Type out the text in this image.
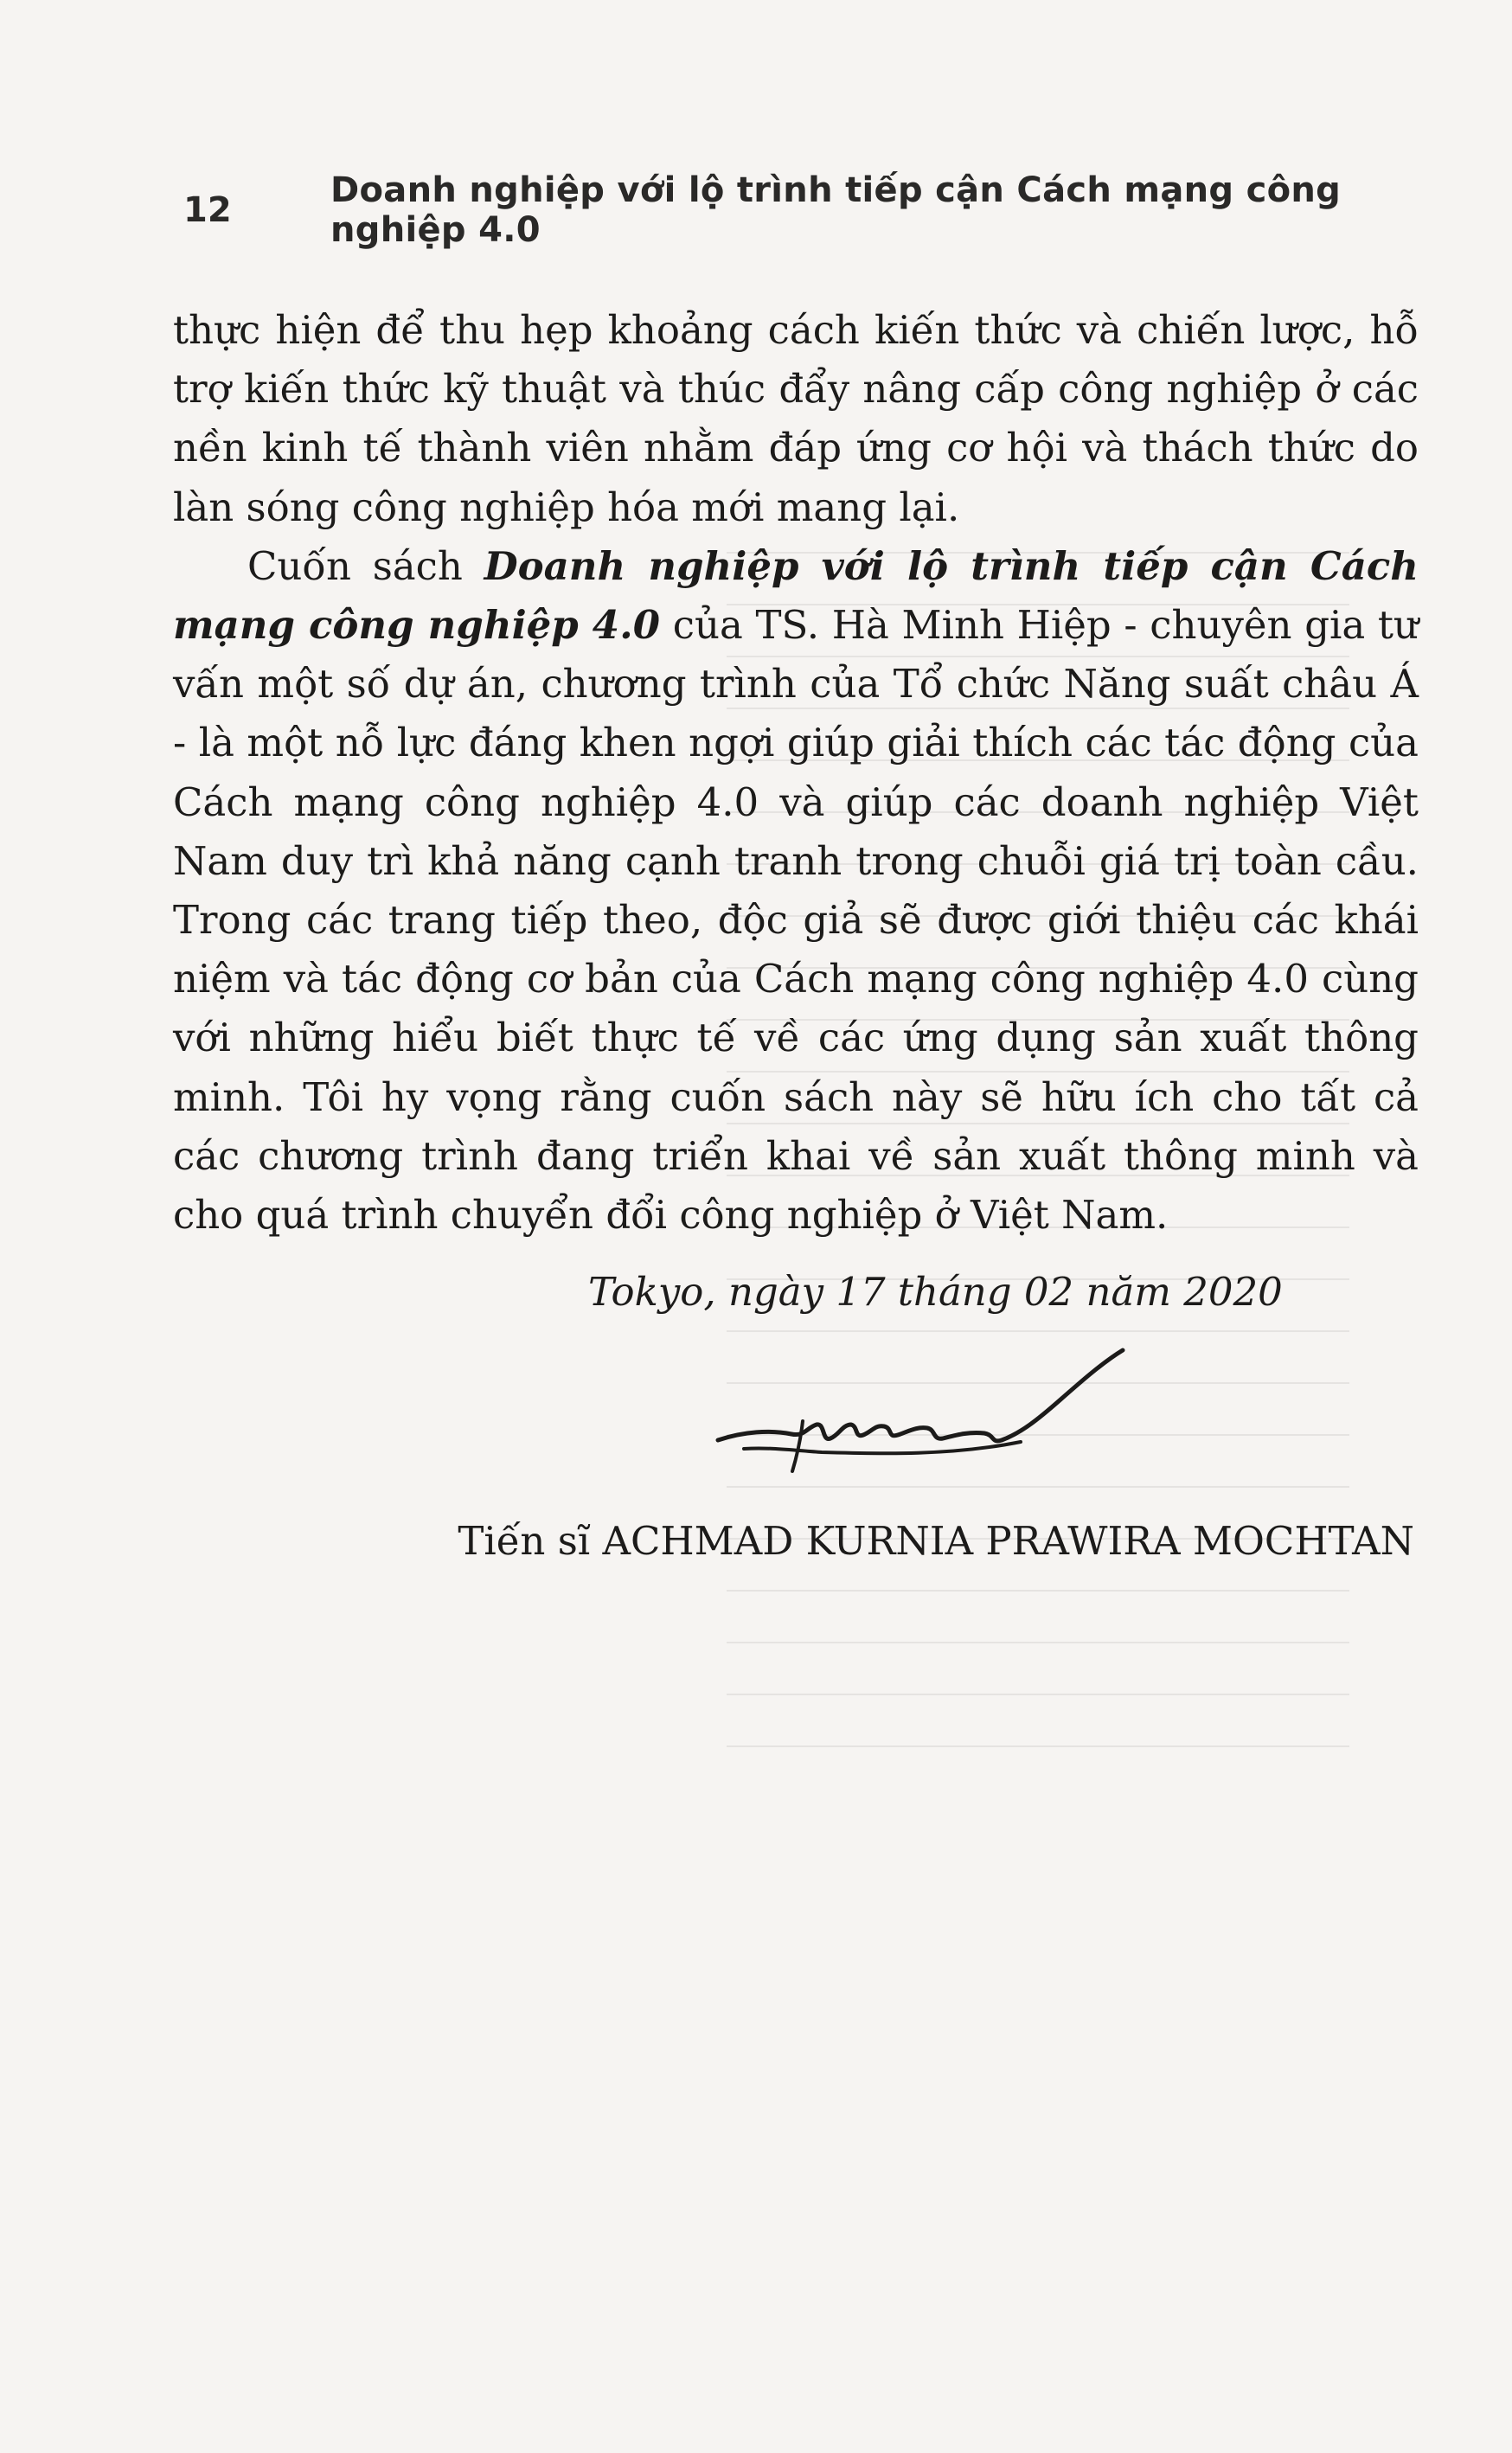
12	Doanh nghiệp với lộ trình tiếp cận Cách mạng công nghiệp 4.0

thực hiện để thu hẹp khoảng cách kiến thức và chiến lược, hỗ trợ kiến thức kỹ thuật và thúc đẩy nâng cấp công nghiệp ở các nền kinh tế thành viên nhằm đáp ứng cơ hội và thách thức do làn sóng công nghiệp hóa mới mang lại.

Cuốn sách Doanh nghiệp với lộ trình tiếp cận Cách mạng công nghiệp 4.0 của TS. Hà Minh Hiệp - chuyên gia tư vấn một số dự án, chương trình của Tổ chức Năng suất châu Á - là một nỗ lực đáng khen ngợi giúp giải thích các tác động của Cách mạng công nghiệp 4.0 và giúp các doanh nghiệp Việt Nam duy trì khả năng cạnh tranh trong chuỗi giá trị toàn cầu. Trong các trang tiếp theo, độc giả sẽ được giới thiệu các khái niệm và tác động cơ bản của Cách mạng công nghiệp 4.0 cùng với những hiểu biết thực tế về các ứng dụng sản xuất thông minh. Tôi hy vọng rằng cuốn sách này sẽ hữu ích cho tất cả các chương trình đang triển khai về sản xuất thông minh và cho quá trình chuyển đổi công nghiệp ở Việt Nam.

Tokyo, ngày 17 tháng 02 năm 2020
Tiến sĩ ACHMAD KURNIA PRAWIRA MOCHTAN
